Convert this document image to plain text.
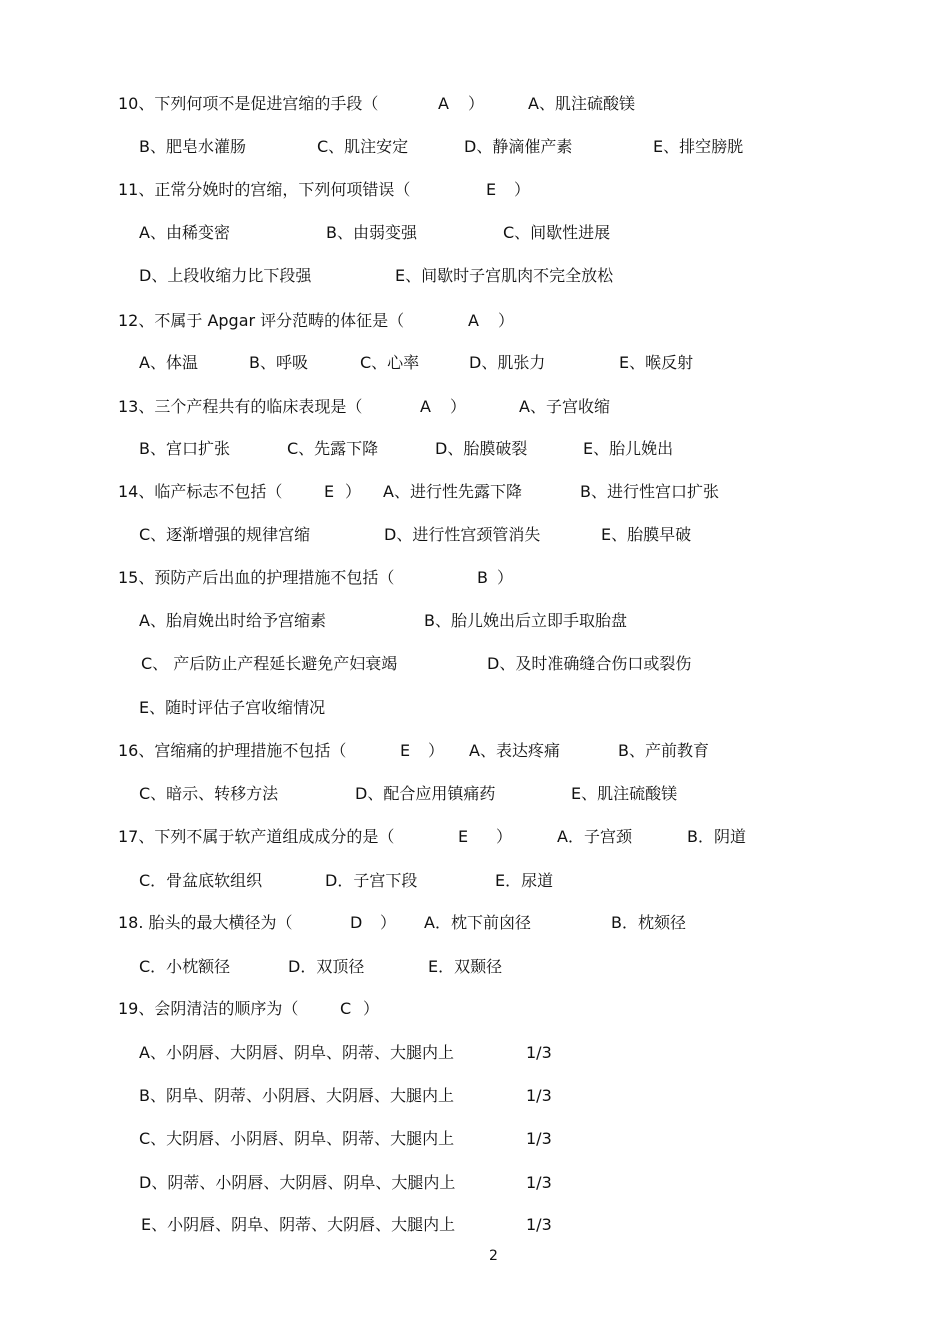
10、下列何项不是促进宫缩的手段（	A ）	A、肌注硫酸镁
B、肥皂水灌肠	C、肌注安定	D、静滴催产素	E、排空膀胱
11、正常分娩时的宫缩，下列何项错误（	E ）
A、由稀变密	B、由弱变强	C、间歇性进展
D、上段收缩力比下段强	E、间歇时子宫肌肉不完全放松
12、不属于 Apgar 评分范畴的体征是（	A ）
A、体温	B、呼吸	C、心率	D、肌张力	E、喉反射
13、三个产程共有的临床表现是（	A ）	A、子宫收缩
B、宫口扩张	C、先露下降	D、胎膜破裂	E、胎儿娩出
14、临产标志不包括（	E ） A、进行性先露下降	B、进行性宫口扩张
C、逐渐增强的规律宫缩	D、进行性宫颈管消失	E、胎膜早破
15、预防产后出血的护理措施不包括（	B ）
A、胎肩娩出时给予宫缩素	B、胎儿娩出后立即手取胎盘
C、 产后防止产程延长避免产妇衰竭	D、及时准确缝合伤口或裂伤
E、随时评估子宫收缩情况
16、宫缩痛的护理措施不包括（	E ） A、表达疼痛	B、产前教育
C、暗示、转移方法	D、配合应用镇痛药	E、肌注硫酸镁
17、下列不属于软产道组成成分的是（	E ）	A．子宫颈	B．阴道
C．骨盆底软组织	D．子宫下段	E．尿道
18. 胎头的最大横径为（	D ） A．枕下前囟径	B．枕颏径
C．小枕额径	D．双顶径	E．双颞径
19、会阴清洁的顺序为（	C ）
A、小阴唇、大阴唇、阴阜、阴蒂、大腿内上	1/3
B、阴阜、阴蒂、小阴唇、大阴唇、大腿内上	1/3
C、大阴唇、小阴唇、阴阜、阴蒂、大腿内上	1/3
D、阴蒂、小阴唇、大阴唇、阴阜、大腿内上	1/3
E、小阴唇、阴阜、阴蒂、大阴唇、大腿内上	1/3
2
